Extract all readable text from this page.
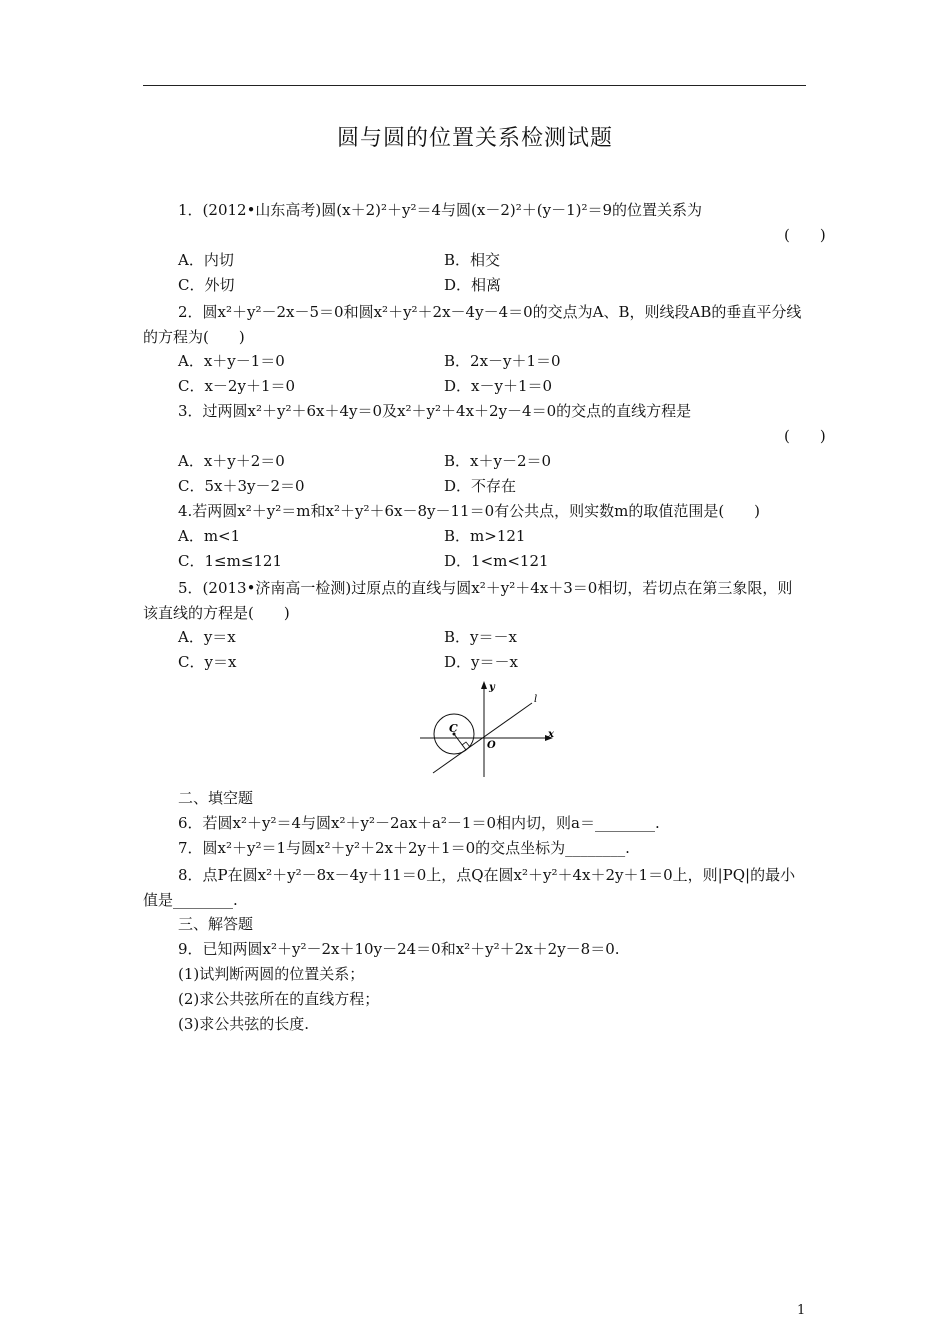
圆与圆的位置关系检测试题
1．(2012•山东高考)圆(x＋2)²＋y²＝4与圆(x－2)²＋(y－1)²＝9的位置关系为
(　　)
A．内切	B．相交
C．外切	D．相离
2．圆x²＋y²－2x－5＝0和圆x²＋y²＋2x－4y－4＝0的交点为A、B，则线段AB的垂直平分线的方程为(　　)
A．x＋y－1＝0	B．2x－y＋1＝0
C．x－2y＋1＝0	D．x－y＋1＝0
3．过两圆x²＋y²＋6x＋4y＝0及x²＋y²＋4x＋2y－4＝0的交点的直线方程是
(　　)
A．x＋y＋2＝0	B．x＋y－2＝0
C．5x＋3y－2＝0	D．不存在
4.若两圆x²＋y²＝m和x²＋y²＋6x－8y－11＝0有公共点，则实数m的取值范围是(　　)
A．m<1	B．m>121
C．1≤m≤121	D．1<m<121
5．(2013•济南高一检测)过原点的直线与圆x²＋y²＋4x＋3＝0相切，若切点在第三象限，则该直线的方程是(　　)
A．y＝x	B．y＝－x
C．y＝x	D．y＝－x
y
x
l
C
O
二、填空题
6．若圆x²＋y²＝4与圆x²＋y²－2ax＋a²－1＝0相内切，则a＝________.
7．圆x²＋y²＝1与圆x²＋y²＋2x＋2y＋1＝0的交点坐标为________.
8．点P在圆x²＋y²－8x－4y＋11＝0上，点Q在圆x²＋y²＋4x＋2y＋1＝0上，则|PQ|的最小值是________.
三、解答题
9．已知两圆x²＋y²－2x＋10y－24＝0和x²＋y²＋2x＋2y－8＝0.
(1)试判断两圆的位置关系；
(2)求公共弦所在的直线方程；
(3)求公共弦的长度.
1
